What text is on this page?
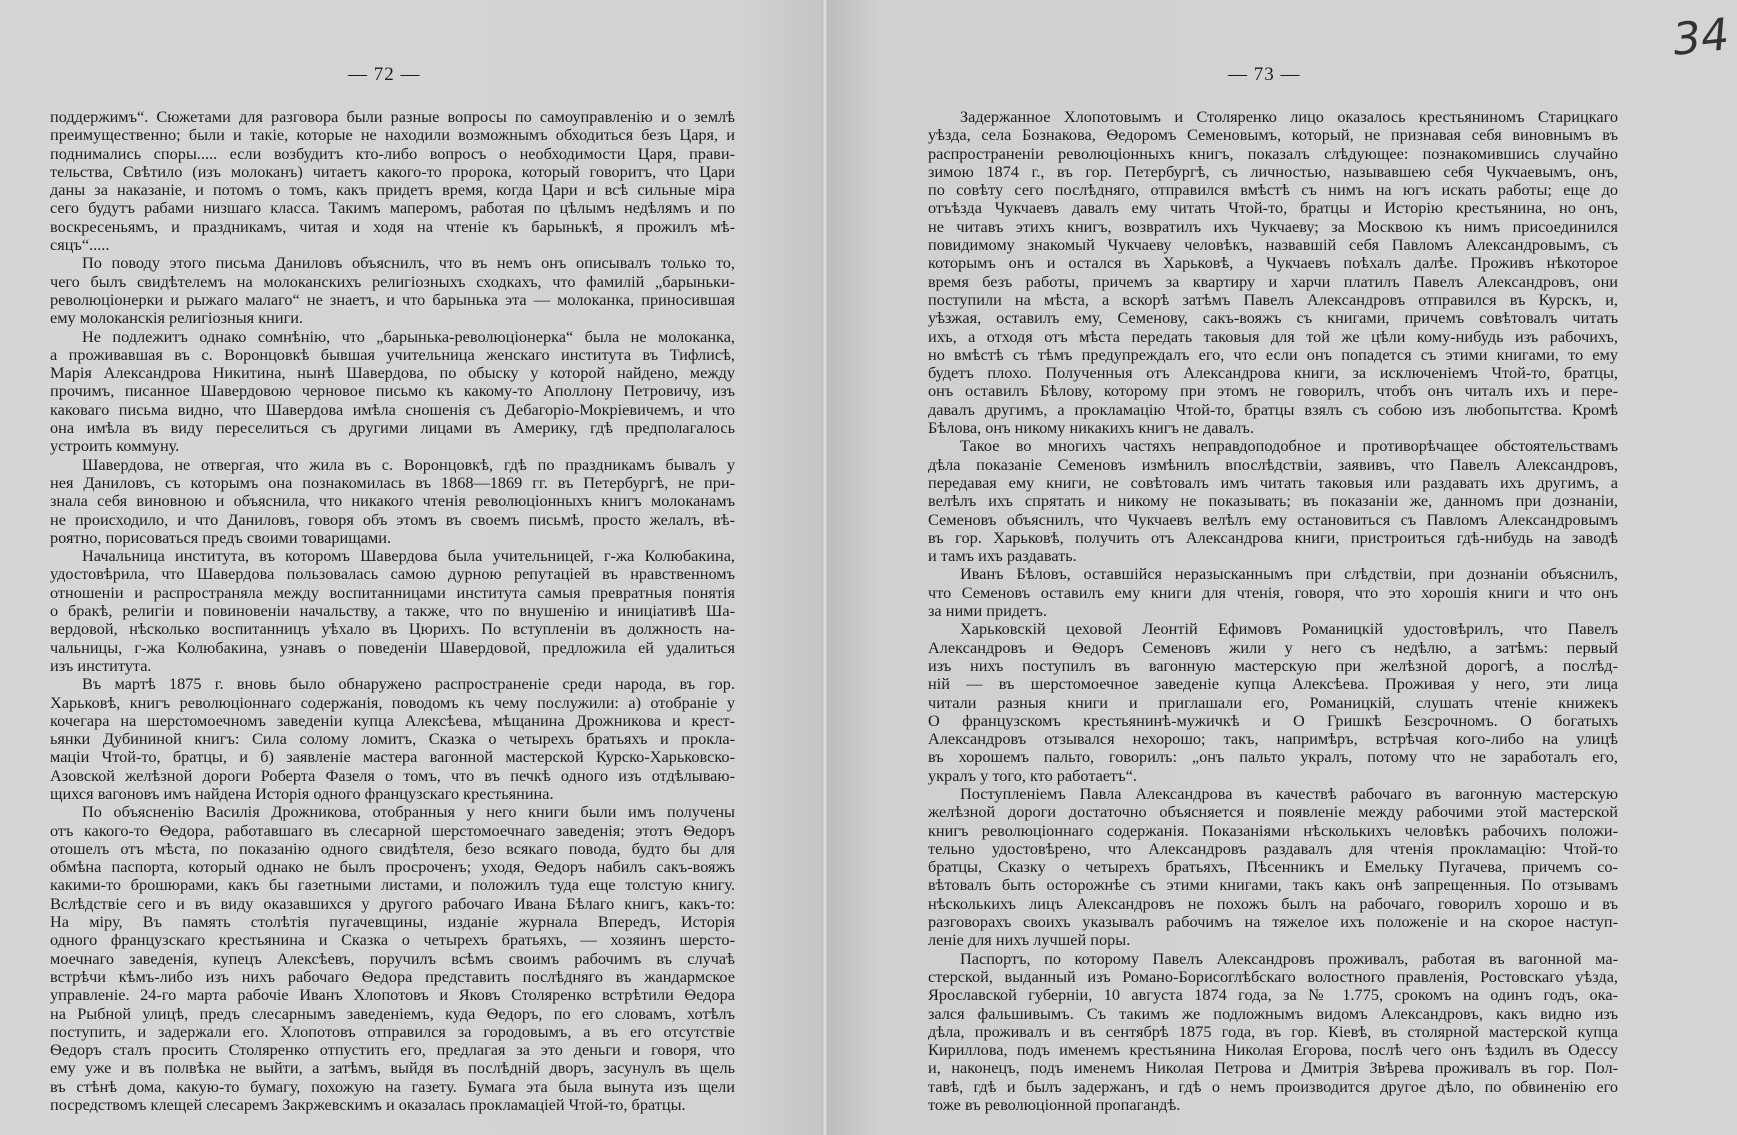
— 72 —
поддержимъ“. Сюжетами для разговора были разные вопросы по самоуправленію и о землѣ
преимущественно; были и такіе, которые не находили возможнымъ обходиться безъ Царя, и
поднимались споры..... если возбудитъ кто-либо вопросъ о необходимости Царя, прави-
тельства, Свѣтило (изъ молоканъ) читаетъ какого-то пророка, который говоритъ, что Цари
даны за наказаніе, и потомъ о томъ, какъ придетъ время, когда Цари и всѣ сильные міра
сего будутъ рабами низшаго класса. Такимъ маперомъ, работая по цѣлымъ недѣлямъ и по
воскресеньямъ, и праздникамъ, читая и ходя на чтеніе къ барынькѣ, я прожилъ мѣ-
сяцъ“.....
По поводу этого письма Даниловъ объяснилъ, что въ немъ онъ описывалъ только то,
чего былъ свидѣтелемъ на молоканскихъ религіозныхъ сходкахъ, что фамилій „барыньки-
революціонерки и рыжаго малаго“ не знаетъ, и что барынька эта — молоканка, приносившая
ему молоканскія религіозныя книги.
Не подлежитъ однако сомнѣнію, что „барынька-революціонерка“ была не молоканка,
а проживавшая въ с. Воронцовкѣ бывшая учительница женскаго института въ Тифлисѣ,
Марія Александрова Никитина, нынѣ Шавердова, по обыску у которой найдено, между
прочимъ, писанное Шавердовою черновое письмо къ какому-то Аполлону Петровичу, изъ
каковаго письма видно, что Шавердова имѣла сношенія съ Дебагоріо-Мокріевичемъ, и что
она имѣла въ виду переселиться съ другими лицами въ Америку, гдѣ предполагалось
устроить коммуну.
Шавердова, не отвергая, что жила въ с. Воронцовкѣ, гдѣ по праздникамъ бывалъ у
нея Даниловъ, съ которымъ она познакомилась въ 1868—1869 гг. въ Петербургѣ, не при-
знала себя виновною и объяснила, что никакого чтенія революціонныхъ книгъ молоканамъ
не происходило, и что Даниловъ, говоря объ этомъ въ своемъ письмѣ, просто желалъ, вѣ-
роятно, порисоваться предъ своими товарищами.
Начальница института, въ которомъ Шавердова была учительницей, г-жа Колюбакина,
удостовѣрила, что Шавердова пользовалась самою дурною репутаціей въ нравственномъ
отношеніи и распространяла между воспитанницами института самыя превратныя понятія
о бракѣ, религіи и повиновеніи начальству, а также, что по внушенію и иниціативѣ Ша-
вердовой, нѣсколько воспитанницъ уѣхало въ Цюрихъ. По вступленіи въ должность на-
чальницы, г-жа Колюбакина, узнавъ о поведеніи Шавердовой, предложила ей удалиться
изъ института.
Въ мартѣ 1875 г. вновь было обнаружено распространеніе среди народа, въ гор.
Харьковѣ, книгъ революціоннаго содержанія, поводомъ къ чему послужили: а) отобраніе у
кочегара на шерстомоечномъ заведеніи купца Алексѣева, мѣщанина Дрожникова и крест-
ьянки Дубининой книгъ: Сила солому ломитъ, Сказка о четырехъ братьяхъ и прокла-
маціи Чтой-то, братцы, и б) заявленіе мастера вагонной мастерской Курско-Харьковско-
Азовской желѣзной дороги Роберта Фазеля о томъ, что въ печкѣ одного изъ отдѣлываю-
щихся вагоновъ имъ найдена Исторія одного французскаго крестьянина.
По объясненію Василія Дрожникова, отобранныя у него книги были имъ получены
отъ какого-то Ѳедора, работавшаго въ слесарной шерстомоечнаго заведенія; этотъ Ѳедоръ
отошелъ отъ мѣста, по показанію одного свидѣтеля, безо всякаго повода, будто бы для
обмѣна паспорта, который однако не былъ просроченъ; уходя, Ѳедоръ набилъ сакъ-вояжъ
какими-то брошюрами, какъ бы газетными листами, и положилъ туда еще толстую книгу.
Вслѣдствіе сего и въ виду оказавшихся у другого рабочаго Ивана Бѣлаго книгъ, какъ-то:
На міру, Въ память столѣтія пугачевщины, изданіе журнала Впередъ, Исторія
одного французскаго крестьянина и Сказка о четырехъ братьяхъ, — хозяинъ шерсто-
моечнаго заведенія, купецъ Алексѣевъ, поручилъ всѣмъ своимъ рабочимъ въ случаѣ
встрѣчи кѣмъ-либо изъ нихъ рабочаго Ѳедора представить послѣдняго въ жандармское
управленіе. 24-го марта рабочіе Иванъ Хлопотовъ и Яковъ Столяренко встрѣтили Ѳедора
на Рыбной улицѣ, предъ слесарнымъ заведеніемъ, куда Ѳедоръ, по его словамъ, хотѣлъ
поступить, и задержали его. Хлопотовъ отправился за городовымъ, а въ его отсутствіе
Ѳедоръ сталъ просить Столяренко отпустить его, предлагая за это деньги и говоря, что
ему уже и въ полвѣка не выйти, а затѣмъ, выйдя въ послѣдній дворъ, засунулъ въ щель
въ стѣнѣ дома, какую-то бумагу, похожую на газету. Бумага эта была вынута изъ щели
посредствомъ клещей слесаремъ Закржевскимъ и оказалась прокламаціей Чтой-то, братцы.
— 73 —
Задержанное Хлопотовымъ и Столяренко лицо оказалось крестьяниномъ Старицкаго
уѣзда, села Бознакова, Ѳедоромъ Семеновымъ, который, не признавая себя виновнымъ въ
распространеніи революціонныхъ книгъ, показалъ слѣдующее: познакомившись случайно
зимою 1874 г., въ гор. Петербургѣ, съ личностью, называвшею себя Чукчаевымъ, онъ,
по совѣту сего послѣдняго, отправился вмѣстѣ съ нимъ на югъ искать работы; еще до
отъѣзда Чукчаевъ давалъ ему читать Чтой-то, братцы и Исторію крестьянина, но онъ,
не читавъ этихъ книгъ, возвратилъ ихъ Чукчаеву; за Москвою къ нимъ присоединился
повидимому знакомый Чукчаеву человѣкъ, назвавшій себя Павломъ Александровымъ, съ
которымъ онъ и остался въ Харьковѣ, а Чукчаевъ поѣхалъ далѣе. Проживъ нѣкоторое
время безъ работы, причемъ за квартиру и харчи платилъ Павелъ Александровъ, они
поступили на мѣста, а вскорѣ затѣмъ Павелъ Александровъ отправился въ Курскъ, и,
уѣзжая, оставилъ ему, Семенову, сакъ-вояжъ съ книгами, причемъ совѣтовалъ читать
ихъ, а отходя отъ мѣста передать таковыя для той же цѣли кому-нибудь изъ рабочихъ,
но вмѣстѣ съ тѣмъ предупреждалъ его, что если онъ попадется съ этими книгами, то ему
будетъ плохо. Полученныя отъ Александрова книги, за исключеніемъ Чтой-то, братцы,
онъ оставилъ Бѣлову, которому при этомъ не говорилъ, чтобъ онъ читалъ ихъ и пере-
давалъ другимъ, а прокламацію Чтой-то, братцы взялъ съ собою изъ любопытства. Кромѣ
Бѣлова, онъ никому никакихъ книгъ не давалъ.
Такое во многихъ частяхъ неправдоподобное и противорѣчащее обстоятельствамъ
дѣла показаніе Семеновъ измѣнилъ впослѣдствіи, заявивъ, что Павелъ Александровъ,
передавая ему книги, не совѣтовалъ имъ читать таковыя или раздавать ихъ другимъ, а
велѣлъ ихъ спрятать и никому не показывать; въ показаніи же, данномъ при дознаніи,
Семеновъ объяснилъ, что Чукчаевъ велѣлъ ему остановиться съ Павломъ Александровымъ
въ гор. Харьковѣ, получить отъ Александрова книги, пристроиться гдѣ-нибудь на заводѣ
и тамъ ихъ раздавать.
Иванъ Бѣловъ, оставшійся неразысканнымъ при слѣдствіи, при дознаніи объяснилъ,
что Семеновъ оставилъ ему книги для чтенія, говоря, что это хорошія книги и что онъ
за ними придетъ.
Харьковскій цеховой Леонтій Ефимовъ Романицкій удостовѣрилъ, что Павелъ
Александровъ и Ѳедоръ Семеновъ жили у него съ недѣлю, а затѣмъ: первый
изъ нихъ поступилъ въ вагонную мастерскую при желѣзной дорогѣ, а послѣд-
ній — въ шерстомоечное заведеніе купца Алексѣева. Проживая у него, эти лица
читали разныя книги и приглашали его, Романицкій, слушать чтеніе книжекъ
О французскомъ крестьянинѣ-мужичкѣ и О Гришкѣ Безсрочномъ. О богатыхъ
Александровъ отзывался нехорошо; такъ, напримѣръ, встрѣчая кого-либо на улицѣ
въ хорошемъ пальто, говорилъ: „онъ пальто укралъ, потому что не заработалъ его,
укралъ у того, кто работаетъ“.
Поступленіемъ Павла Александрова въ качествѣ рабочаго въ вагонную мастерскую
желѣзной дороги достаточно объясняется и появленіе между рабочими этой мастерской
книгъ революціоннаго содержанія. Показаніями нѣсколькихъ человѣкъ рабочихъ положи-
тельно удостовѣрено, что Александровъ раздавалъ для чтенія прокламацію: Чтой-то
братцы, Сказку о четырехъ братьяхъ, Пѣсенникъ и Емельку Пугачева, причемъ со-
вѣтовалъ быть осторожнѣе съ этими книгами, такъ какъ онѣ запрещенныя. По отзывамъ
нѣсколькихъ лицъ Александровъ не похожъ былъ на рабочаго, говорилъ хорошо и въ
разговорахъ своихъ указывалъ рабочимъ на тяжелое ихъ положеніе и на скорое наступ-
леніе для нихъ лучшей поры.
Паспортъ, по которому Павелъ Александровъ проживалъ, работая въ вагонной ма-
стерской, выданный изъ Романо-Борисоглѣбскаго волостного правленія, Ростовскаго уѣзда,
Ярославской губерніи, 10 августа 1874 года, за № 1.775, срокомъ на одинъ годъ, ока-
зался фальшивымъ. Съ такимъ же подложнымъ видомъ Александровъ, какъ видно изъ
дѣла, проживалъ и въ сентябрѣ 1875 года, въ гор. Кіевѣ, въ столярной мастерской купца
Кириллова, подъ именемъ крестьянина Николая Егорова, послѣ чего онъ ѣздилъ въ Одессу
и, наконецъ, подъ именемъ Николая Петрова и Дмитрія Звѣрева проживалъ въ гор. Пол-
тавѣ, гдѣ и былъ задержанъ, и гдѣ о немъ производится другое дѣло, по обвиненію его
тоже въ революціонной пропагандѣ.
34
